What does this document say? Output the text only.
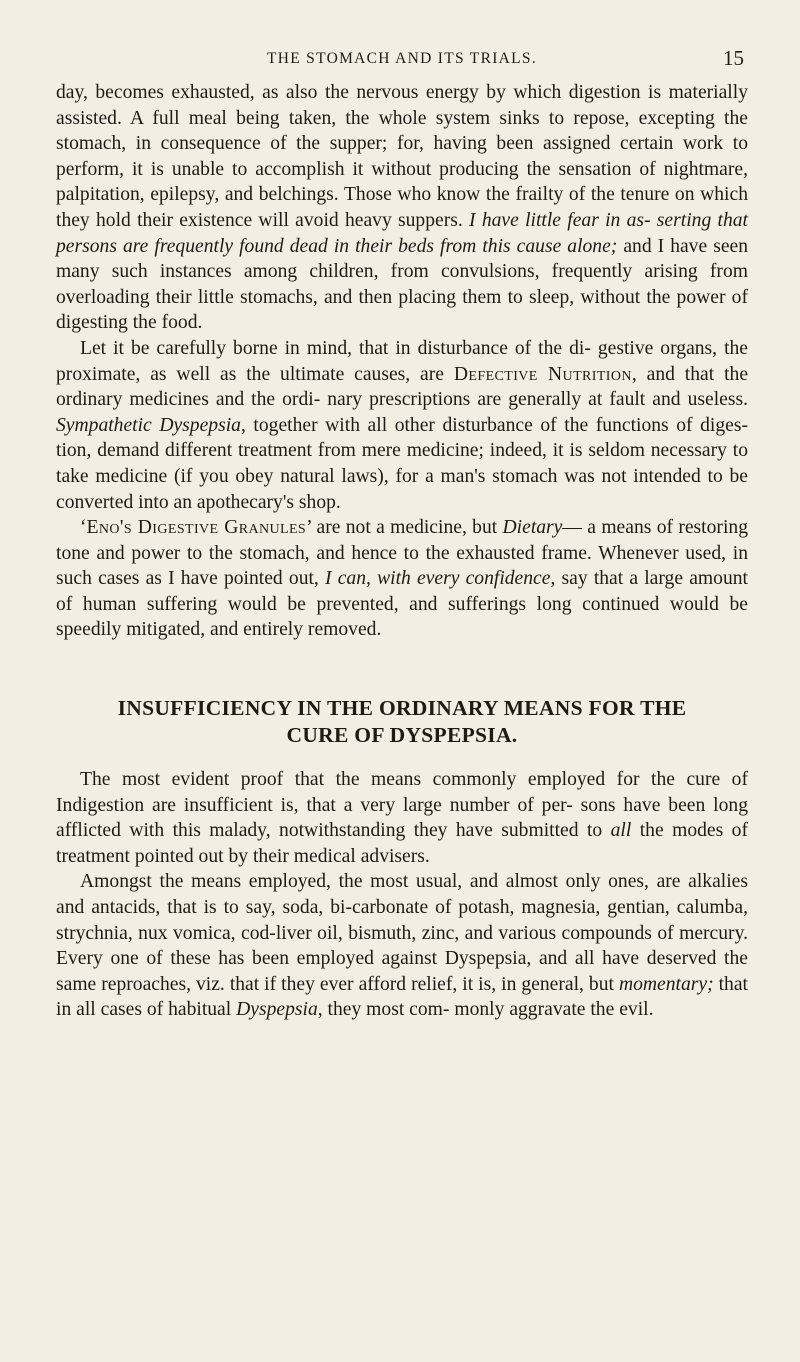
THE STOMACH AND ITS TRIALS.	15

day, becomes exhausted, as also the nervous energy by which digestion is materially assisted. A full meal being taken, the whole system sinks to repose, excepting the stomach, in consequence of the supper; for, having been assigned certain work to perform, it is unable to accomplish it without producing the sensation of nightmare, palpitation, epilepsy, and belchings. Those who know the frailty of the tenure on which they hold their existence will avoid heavy suppers. I have little fear in as- serting that persons are frequently found dead in their beds from this cause alone; and I have seen many such instances among children, from convulsions, frequently arising from overloading their little stomachs, and then placing them to sleep, without the power of digesting the food.

Let it be carefully borne in mind, that in disturbance of the di- gestive organs, the proximate, as well as the ultimate causes, are Defective Nutrition, and that the ordinary medicines and the ordi- nary prescriptions are generally at fault and useless. Sympathetic Dyspepsia, together with all other disturbance of the functions of diges- tion, demand different treatment from mere medicine; indeed, it is seldom necessary to take medicine (if you obey natural laws), for a man's stomach was not intended to be converted into an apothecary's shop.

‘Eno's Digestive Granules’ are not a medicine, but Dietary— a means of restoring tone and power to the stomach, and hence to the exhausted frame. Whenever used, in such cases as I have pointed out, I can, with every confidence, say that a large amount of human suffering would be prevented, and sufferings long continued would be speedily mitigated, and entirely removed.

INSUFFICIENCY IN THE ORDINARY MEANS FOR THE
CURE OF DYSPEPSIA.

The most evident proof that the means commonly employed for the cure of Indigestion are insufficient is, that a very large number of per- sons have been long afflicted with this malady, notwithstanding they have submitted to all the modes of treatment pointed out by their medical advisers.

Amongst the means employed, the most usual, and almost only ones, are alkalies and antacids, that is to say, soda, bi-carbonate of potash, magnesia, gentian, calumba, strychnia, nux vomica, cod-liver oil, bismuth, zinc, and various compounds of mercury. Every one of these has been employed against Dyspepsia, and all have deserved the same reproaches, viz. that if they ever afford relief, it is, in general, but momentary; that in all cases of habitual Dyspepsia, they most com- monly aggravate the evil.
